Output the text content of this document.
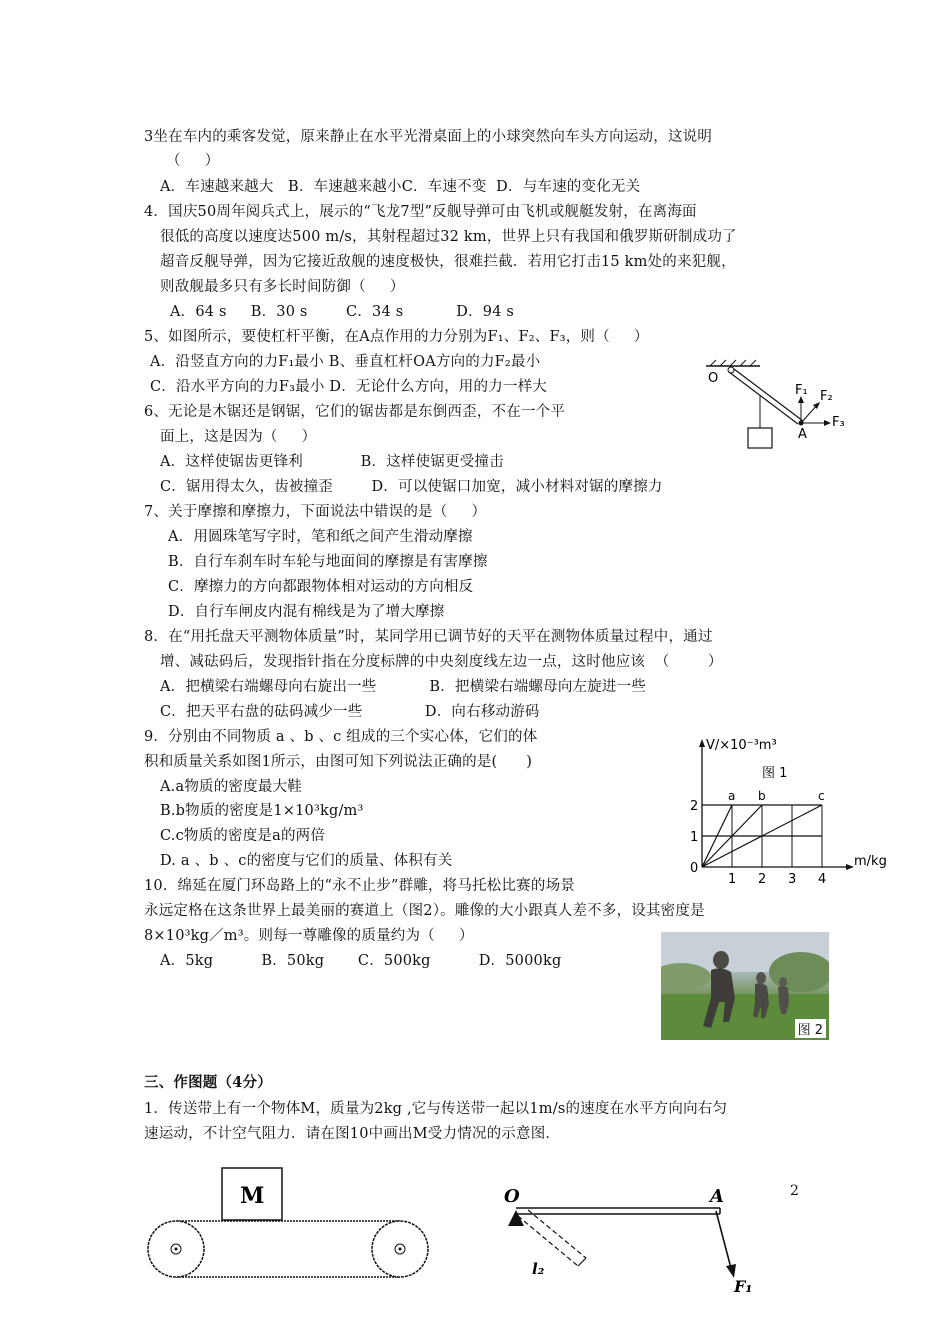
3坐在车内的乘客发觉，原来静止在水平光滑桌面上的小球突然向车头方向运动，这说明
（     ）
A．车速越来越大   B．车速越来越小C．车速不变  D．与车速的变化无关
4．国庆50周年阅兵式上，展示的“飞龙7型”反舰导弹可由飞机或舰艇发射，在离海面
很低的高度以速度达500 m/s，其射程超过32 km，世界上只有我国和俄罗斯研制成功了
超音反舰导弹，因为它接近敌舰的速度极快，很难拦截．若用它打击15 km处的来犯舰，
则敌舰最多只有多长时间防御（     ）
A．64 s     B．30 s        C．34 s           D．94 s
5、如图所示，要使杠杆平衡，在A点作用的力分别为F₁、F₂、F₃，则（     ）
A．沿竖直方向的力F₁最小 B、垂直杠杆OA方向的力F₂最小
C．沿水平方向的力F₃最小 D．无论什么方向，用的力一样大
O
A
F₁ F₂
F₃
6、无论是木锯还是钢锯，它们的锯齿都是东倒西歪，不在一个平
面上，这是因为（     ）
A．这样使锯齿更锋利            B．这样使锯更受撞击
C．锯用得太久，齿被撞歪        D．可以使锯口加宽，减小材料对锯的摩擦力
7、关于摩擦和摩擦力，下面说法中错误的是（     ）
A．用圆珠笔写字时，笔和纸之间产生滑动摩擦
B．自行车刹车时车轮与地面间的摩擦是有害摩擦
C．摩擦力的方向都跟物体相对运动的方向相反
D．自行车闸皮内混有棉线是为了增大摩擦
8．在“用托盘天平测物体质量”时，某同学用已调节好的天平在测物体质量过程中，通过
增、减砝码后，发现指针指在分度标牌的中央刻度线左边一点，这时他应该  （        ）
A．把横梁右端螺母向右旋出一些           B．把横梁右端螺母向左旋进一些
C．把天平右盘的砝码减少一些             D．向右移动游码
9．分别由不同物质 a 、b 、c 组成的三个实心体，它们的体
积和质量关系如图1所示，由图可知下列说法正确的是(      )
A.a物质的密度最大鞋
B.b物质的密度是1×10³kg/m³
C.c物质的密度是a的两倍
D. a 、b 、c的密度与它们的质量、体积有关
V/×10⁻³m³
m/kg
图 1
a b	c
0
1
2
1 2 3 4
10．绵延在厦门环岛路上的“永不止步”群雕，将马托松比赛的场景
永远定格在这条世界上最美丽的赛道上（图2）。雕像的大小跟真人差不多，设其密度是
8×10³kg／m³。则每一尊雕像的质量约为（     ）
A．5kg          B．50kg       C．500kg          D．5000kg
图 2
三、作图题（4分）
1．传送带上有一个物体M，质量为2kg ,它与传送带一起以1m/s的速度在水平方向向右匀
速运动，不计空气阻力．请在图10中画出M受力情况的示意图．
M	O	A
F₁
l₂
2
